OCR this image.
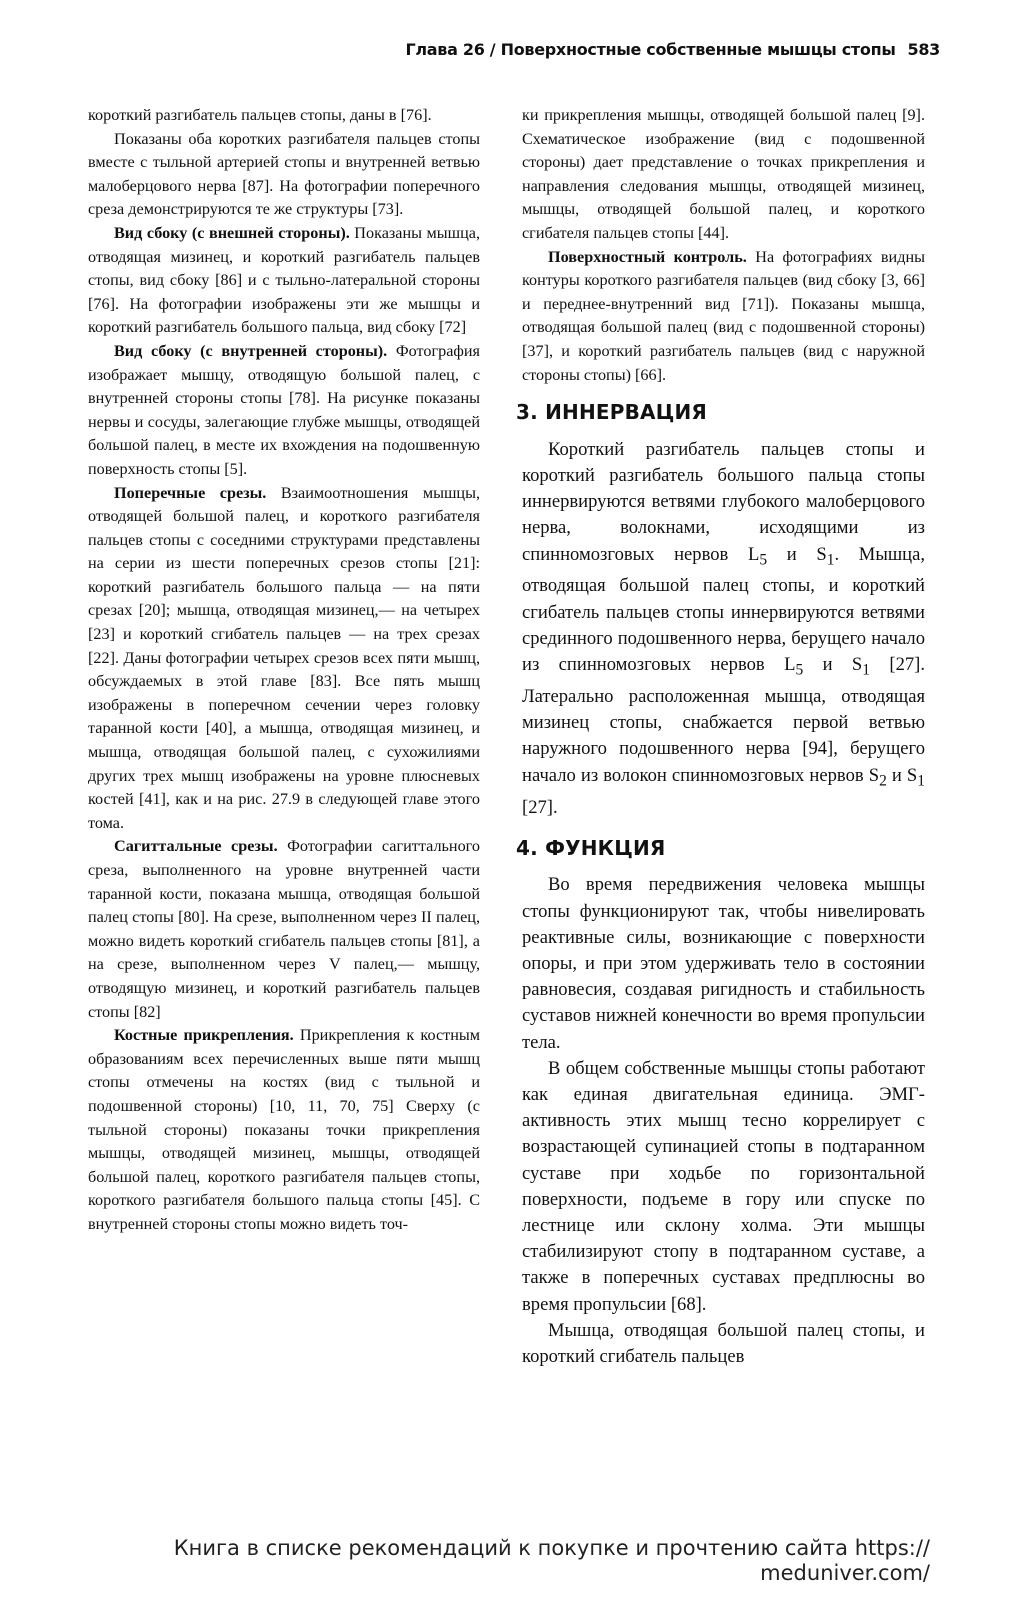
Глава 26 / Поверхностные собственные мышцы стопы 583

короткий разгибатель пальцев стопы, даны в [76].

Показаны оба коротких разгибателя пальцев стопы вместе с тыльной артерией стопы и внутренней ветвью малоберцового нерва [87]. На фотографии поперечного среза демонстрируются те же структуры [73].

Вид сбоку (с внешней стороны). Показаны мышца, отводящая мизинец, и короткий разгибатель пальцев стопы, вид сбоку [86] и с тыльно-латеральной стороны [76]. На фотографии изображены эти же мышцы и короткий разгибатель большого пальца, вид сбоку [72]

Вид сбоку (с внутренней стороны). Фотография изображает мышцу, отводящую большой палец, с внутренней стороны стопы [78]. На рисунке показаны нервы и сосуды, залегающие глубже мышцы, отводящей большой палец, в месте их вхождения на подошвенную поверхность стопы [5].

Поперечные срезы. Взаимоотношения мышцы, отводящей большой палец, и короткого разгибателя пальцев стопы с соседними структурами представлены на серии из шести поперечных срезов стопы [21]: короткий разгибатель большого пальца — на пяти срезах [20]; мышца, отводящая мизинец,— на четырех [23] и короткий сгибатель пальцев — на трех срезах [22]. Даны фотографии четырех срезов всех пяти мышц, обсуждаемых в этой главе [83]. Все пять мышц изображены в поперечном сечении через головку таранной кости [40], а мышца, отводящая мизинец, и мышца, отводящая большой палец, с сухожилиями других трех мышц изображены на уровне плюсневых костей [41], как и на рис. 27.9 в следующей главе этого тома.

Сагиттальные срезы. Фотографии сагиттального среза, выполненного на уровне внутренней части таранной кости, показана мышца, отводящая большой палец стопы [80]. На срезе, выполненном через II палец, можно видеть короткий сгибатель пальцев стопы [81], а на срезе, выполненном через V палец,— мышцу, отводящую мизинец, и короткий разгибатель пальцев стопы [82]

Костные прикрепления. Прикрепления к костным образованиям всех перечисленных выше пяти мышц стопы отмечены на костях (вид с тыльной и подошвенной стороны) [10, 11, 70, 75] Сверху (с тыльной стороны) показаны точки прикрепления мышцы, отводящей мизинец, мышцы, отводящей большой палец, короткого разгибателя пальцев стопы, короткого разгибателя большого пальца стопы [45]. С внутренней стороны стопы можно видеть точ-

ки прикрепления мышцы, отводящей большой палец [9]. Схематическое изображение (вид с подошвенной стороны) дает представление о точках прикрепления и направления следования мышцы, отводящей мизинец, мышцы, отводящей большой палец, и короткого сгибателя пальцев стопы [44].

Поверхностный контроль. На фотографиях видны контуры короткого разгибателя пальцев (вид сбоку [3, 66] и переднее-внутренний вид [71]). Показаны мышца, отводящая большой палец (вид с подошвенной стороны) [37], и короткий разгибатель пальцев (вид с наружной стороны стопы) [66].

3. ИННЕРВАЦИЯ

Короткий разгибатель пальцев стопы и короткий разгибатель большого пальца стопы иннервируются ветвями глубокого малоберцового нерва, волокнами, исходящими из спинномозговых нервов $L_5$ и $S_1$. Мышца, отводящая большой палец стопы, и короткий сгибатель пальцев стопы иннервируются ветвями срединного подошвенного нерва, берущего начало из спинномозговых нервов $L_5$ и $S_1$ [27]. Латерально расположенная мышца, отводящая мизинец стопы, снабжается первой ветвью наружного подошвенного нерва [94], берущего начало из волокон спинномозговых нервов $S_2$ и $S_1$ [27].

4. ФУНКЦИЯ

Во время передвижения человека мышцы стопы функционируют так, чтобы нивелировать реактивные силы, возникающие с поверхности опоры, и при этом удерживать тело в состоянии равновесия, создавая ригидность и стабильность суставов нижней конечности во время пропульсии тела.

В общем собственные мышцы стопы работают как единая двигательная единица. ЭМГ-активность этих мышц тесно коррелирует с возрастающей супинацией стопы в подтаранном суставе при ходьбе по горизонтальной поверхности, подъеме в гору или спуске по лестнице или склону холма. Эти мышцы стабилизируют стопу в подтаранном суставе, а также в поперечных суставах предплюсны во время пропульсии [68].

Мышца, отводящая большой палец стопы, и короткий сгибатель пальцев

Книга в списке рекомендаций к покупке и прочтению сайта https://
meduniver.com/
